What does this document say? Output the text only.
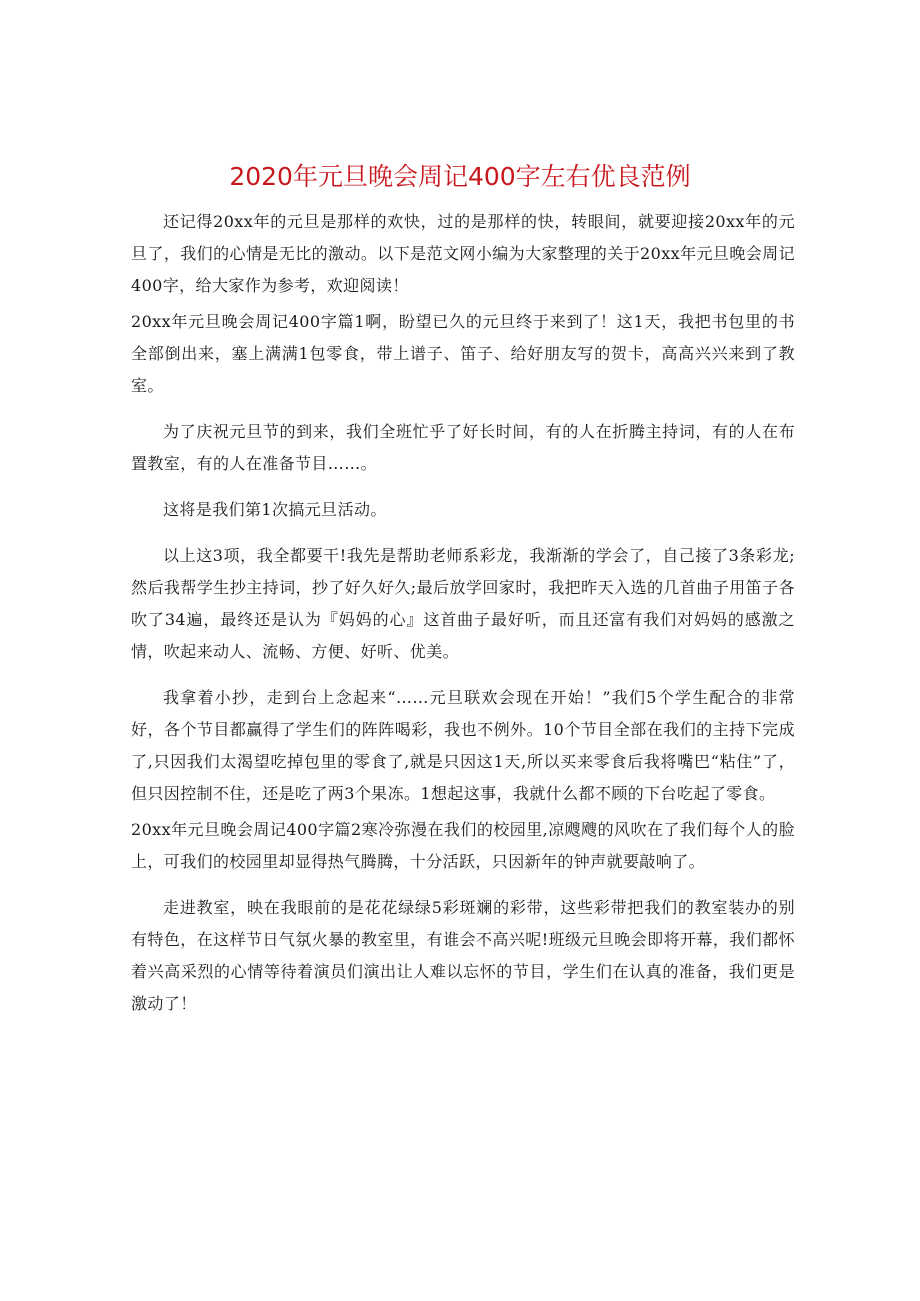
2020年元旦晚会周记400字左右优良范例

还记得20xx年的元旦是那样的欢快，过的是那样的快，转眼间，就要迎接20xx年的元旦了，我们的心情是无比的激动。以下是范文网小编为大家整理的关于20xx年元旦晚会周记400字，给大家作为参考，欢迎阅读！

20xx年元旦晚会周记400字篇1啊，盼望已久的元旦终于来到了！这1天，我把书包里的书全部倒出来，塞上满满1包零食，带上谱子、笛子、给好朋友写的贺卡，高高兴兴来到了教室。

为了庆祝元旦节的到来，我们全班忙乎了好长时间，有的人在折腾主持词，有的人在布置教室，有的人在准备节目……。

这将是我们第1次搞元旦活动。

以上这3项，我全都要干!我先是帮助老师系彩龙，我渐渐的学会了，自己接了3条彩龙;然后我帮学生抄主持词，抄了好久好久;最后放学回家时，我把昨天入选的几首曲子用笛子各吹了34遍，最终还是认为『妈妈的心』这首曲子最好听，而且还富有我们对妈妈的感激之情，吹起来动人、流畅、方便、好听、优美。

我拿着小抄，走到台上念起来“……元旦联欢会现在开始！”我们5个学生配合的非常好，各个节目都赢得了学生们的阵阵喝彩，我也不例外。10个节目全部在我们的主持下完成了,只因我们太渴望吃掉包里的零食了,就是只因这1天,所以买来零食后我将嘴巴“粘住”了，但只因控制不住，还是吃了两3个果冻。1想起这事，我就什么都不顾的下台吃起了零食。

20xx年元旦晚会周记400字篇2寒冷弥漫在我们的校园里,凉飕飕的风吹在了我们每个人的脸上，可我们的校园里却显得热气腾腾，十分活跃，只因新年的钟声就要敲响了。

走进教室，映在我眼前的是花花绿绿5彩斑斓的彩带，这些彩带把我们的教室装办的别有特色，在这样节日气氛火暴的教室里，有谁会不高兴呢!班级元旦晚会即将开幕，我们都怀着兴高采烈的心情等待着演员们演出让人难以忘怀的节目，学生们在认真的准备，我们更是激动了！
